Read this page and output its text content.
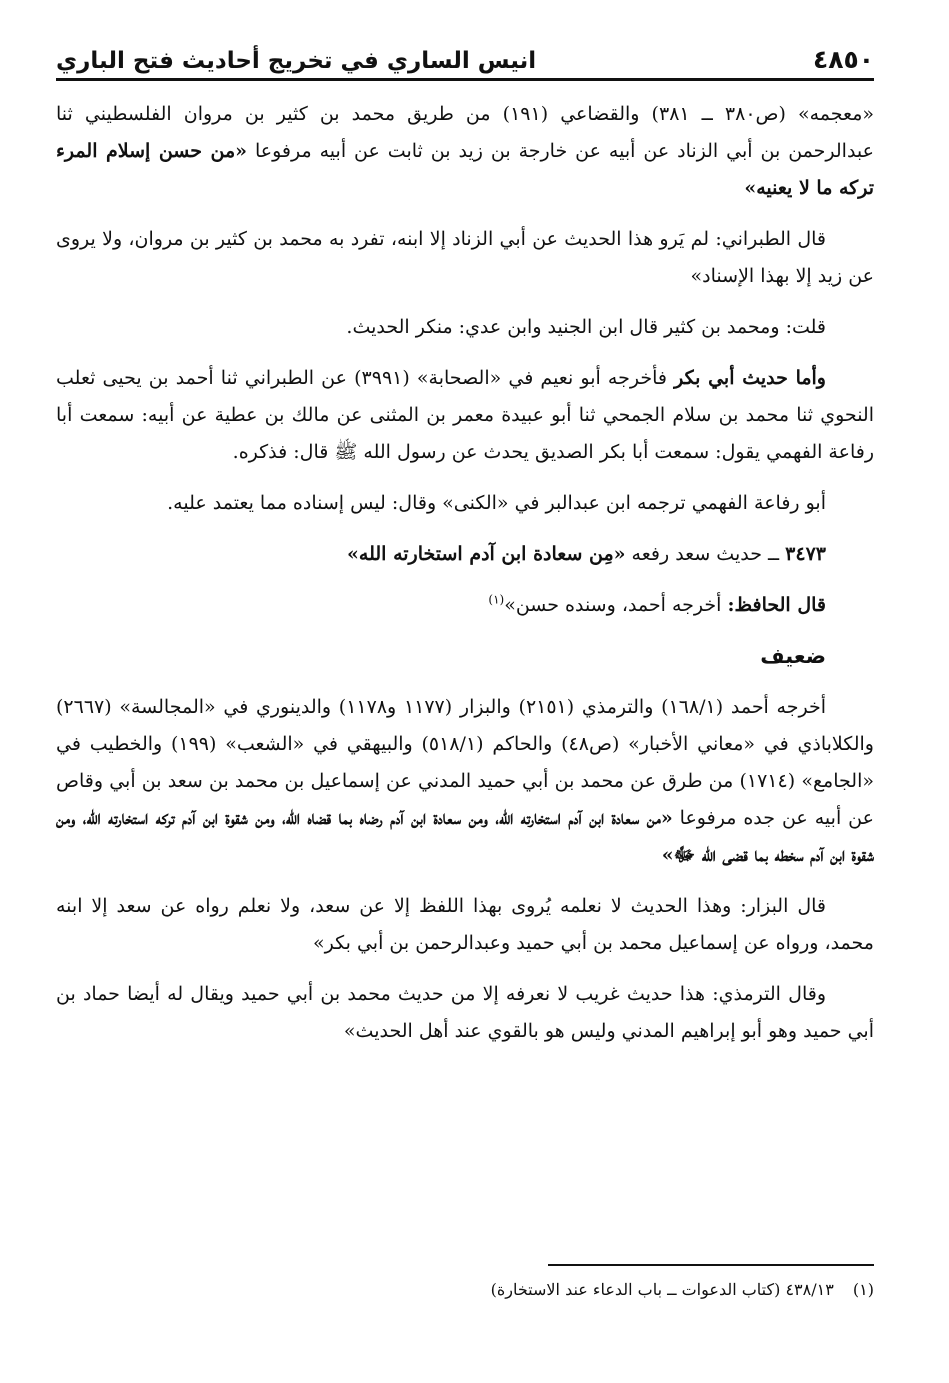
٤٨٥٠
انيس الساري في تخريج أحاديث فتح الباري

«معجمه» (ص٣٨٠ ــ ٣٨١) والقضاعي (١٩١) من طريق محمد بن كثير بن مروان الفلسطيني ثنا عبدالرحمن بن أبي الزناد عن أبيه عن خارجة بن زيد بن ثابت عن أبيه مرفوعا «من حسن إسلام المرء تركه ما لا يعنيه»

قال الطبراني: لم يَرو هذا الحديث عن أبي الزناد إلا ابنه، تفرد به محمد بن كثير بن مروان، ولا يروى عن زيد إلا بهذا الإسناد»

قلت: ومحمد بن كثير قال ابن الجنيد وابن عدي: منكر الحديث.

وأما حديث أبي بكر فأخرجه أبو نعيم في «الصحابة» (٣٩٩١) عن الطبراني ثنا أحمد بن يحيى ثعلب النحوي ثنا محمد بن سلام الجمحي ثنا أبو عبيدة معمر بن المثنى عن مالك بن عطية عن أبيه: سمعت أبا رفاعة الفهمي يقول: سمعت أبا بكر الصديق يحدث عن رسول الله ﷺ قال: فذكره.

أبو رفاعة الفهمي ترجمه ابن عبدالبر في «الكنى» وقال: ليس إسناده مما يعتمد عليه.

٣٤٧٣ ــ حديث سعد رفعه «مِن سعادة ابن آدم استخارته الله»

قال الحافظ: أخرجه أحمد، وسنده حسن»$^{(١)}$

ضعيف

أخرجه أحمد (١٦٨/١) والترمذي (٢١٥١) والبزار (١١٧٧ و١١٧٨) والدينوري في «المجالسة» (٢٦٦٧) والكلاباذي في «معاني الأخبار» (ص٤٨) والحاكم (٥١٨/١) والبيهقي في «الشعب» (١٩٩) والخطيب في «الجامع» (١٧١٤) من طرق عن محمد بن أبي حميد المدني عن إسماعيل بن محمد بن سعد بن أبي وقاص عن أبيه عن جده مرفوعا «من سعادة ابن آدم استخارته الله، ومن سعادة ابن آدم رضاه بما قضاه الله، ومن شقوة ابن آدم تركه استخارته الله، ومن شقوة ابن آدم سخطه بما قضى الله ﷻ»

قال البزار: وهذا الحديث لا نعلمه يُروى بهذا اللفظ إلا عن سعد، ولا نعلم رواه عن سعد إلا ابنه محمد، ورواه عن إسماعيل محمد بن أبي حميد وعبدالرحمن بن أبي بكر»

وقال الترمذي: هذا حديث غريب لا نعرفه إلا من حديث محمد بن أبي حميد ويقال له أيضا حماد بن أبي حميد وهو أبو إبراهيم المدني وليس هو بالقوي عند أهل الحديث»

(١) ٤٣٨/١٣ (كتاب الدعوات ــ باب الدعاء عند الاستخارة)
